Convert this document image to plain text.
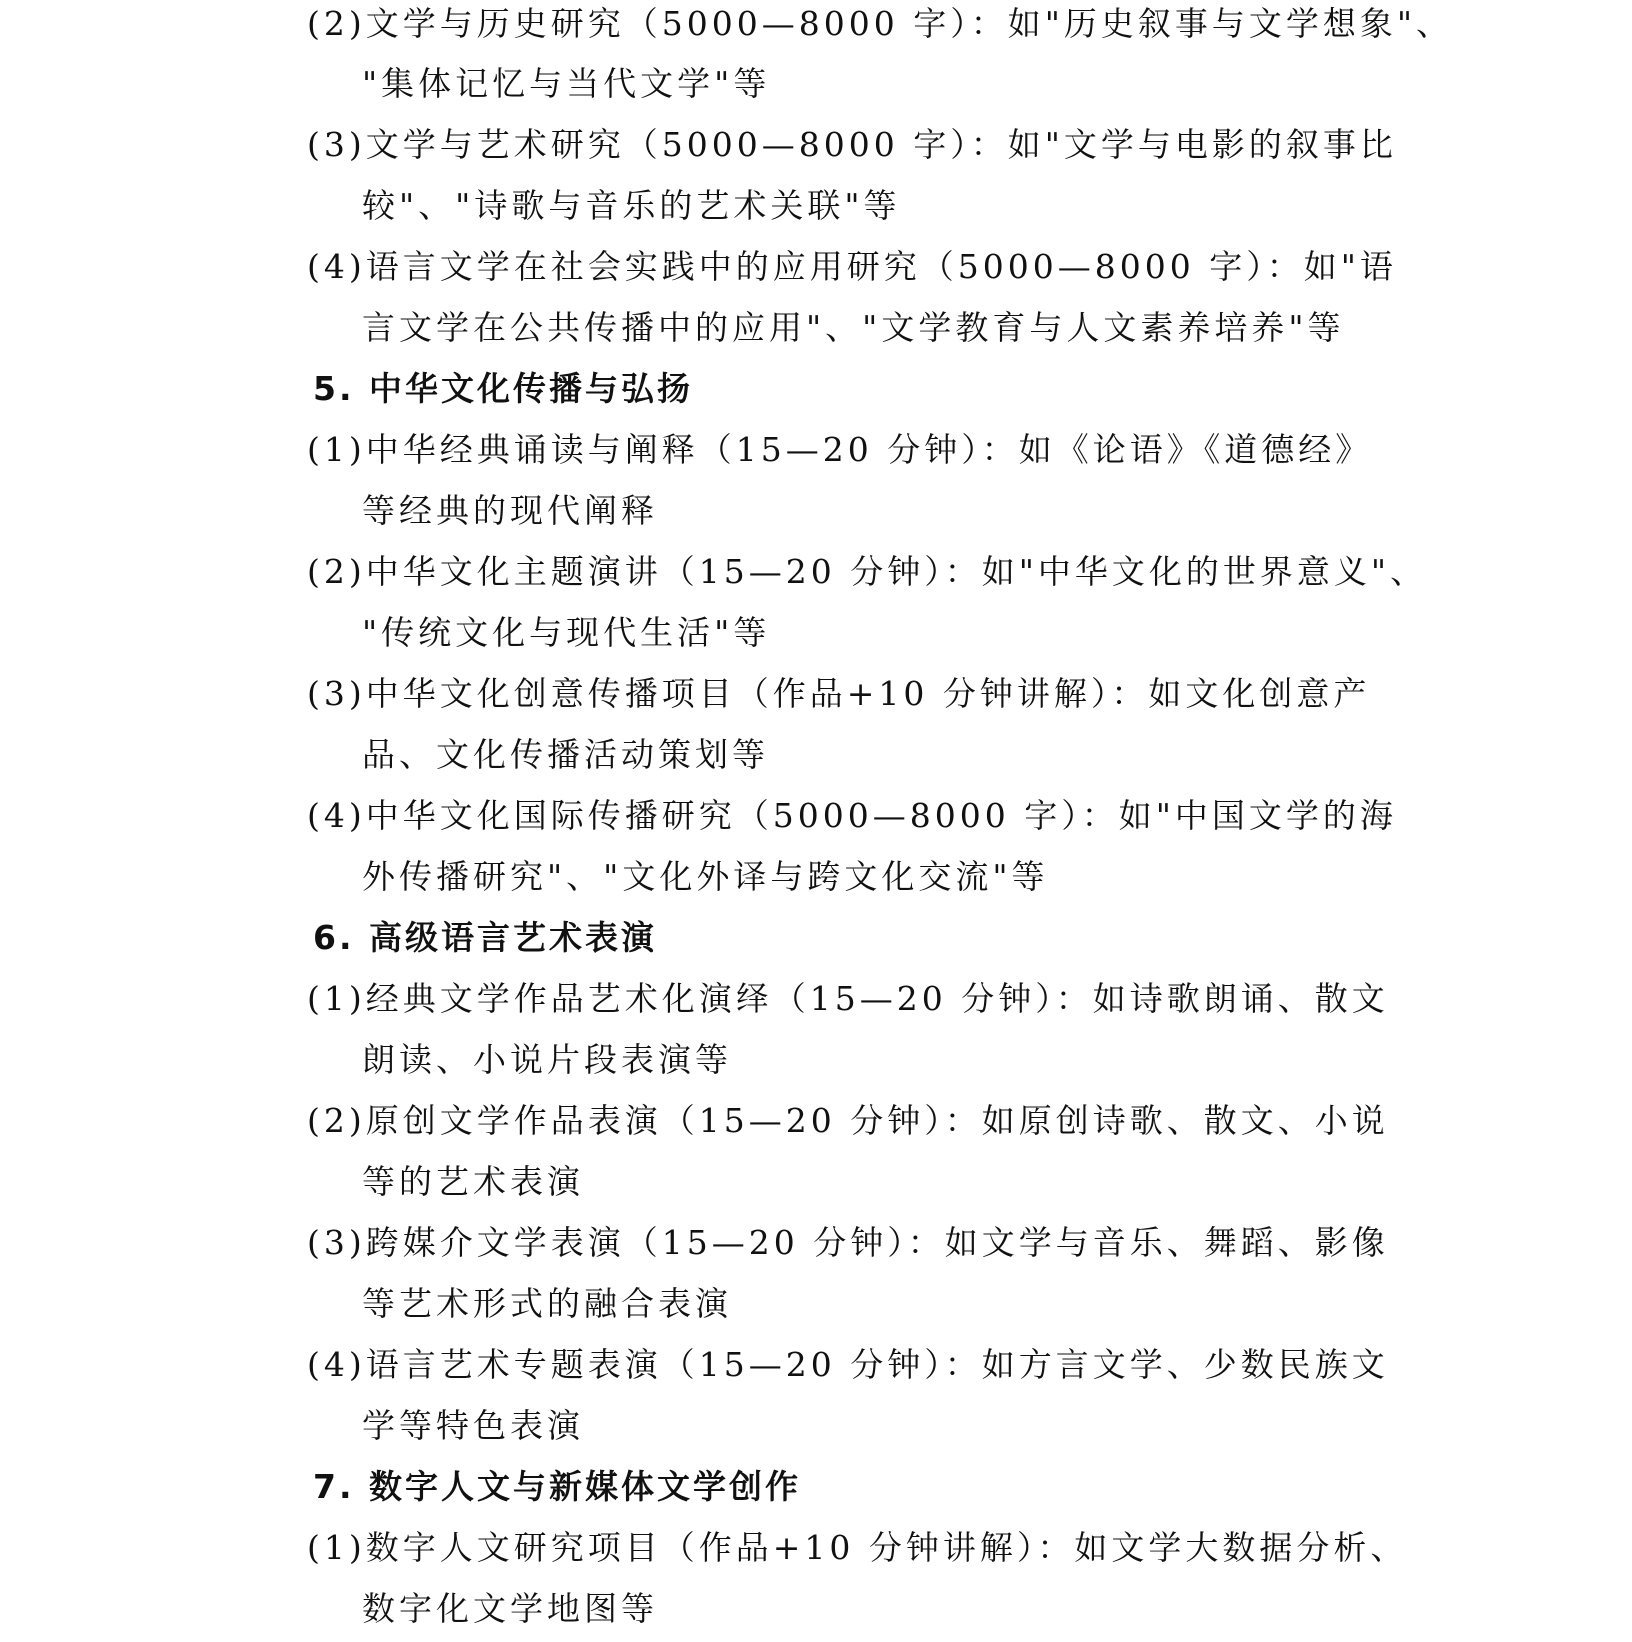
(2)文学与历史研究（5000—8000 字）：如"历史叙事与文学想象"、
"集体记忆与当代文学"等
(3)文学与艺术研究（5000—8000 字）：如"文学与电影的叙事比
较"、"诗歌与音乐的艺术关联"等
(4)语言文学在社会实践中的应用研究（5000—8000 字）：如"语
言文学在公共传播中的应用"、"文学教育与人文素养培养"等
5. 中华文化传播与弘扬
(1)中华经典诵读与阐释（15—20 分钟）：如《论语》《道德经》
等经典的现代阐释
(2)中华文化主题演讲（15—20 分钟）：如"中华文化的世界意义"、
"传统文化与现代生活"等
(3)中华文化创意传播项目（作品+10 分钟讲解）：如文化创意产
品、文化传播活动策划等
(4)中华文化国际传播研究（5000—8000 字）：如"中国文学的海
外传播研究"、"文化外译与跨文化交流"等
6. 高级语言艺术表演
(1)经典文学作品艺术化演绎（15—20 分钟）：如诗歌朗诵、散文
朗读、小说片段表演等
(2)原创文学作品表演（15—20 分钟）：如原创诗歌、散文、小说
等的艺术表演
(3)跨媒介文学表演（15—20 分钟）：如文学与音乐、舞蹈、影像
等艺术形式的融合表演
(4)语言艺术专题表演（15—20 分钟）：如方言文学、少数民族文
学等特色表演
7. 数字人文与新媒体文学创作
(1)数字人文研究项目（作品+10 分钟讲解）：如文学大数据分析、
数字化文学地图等
